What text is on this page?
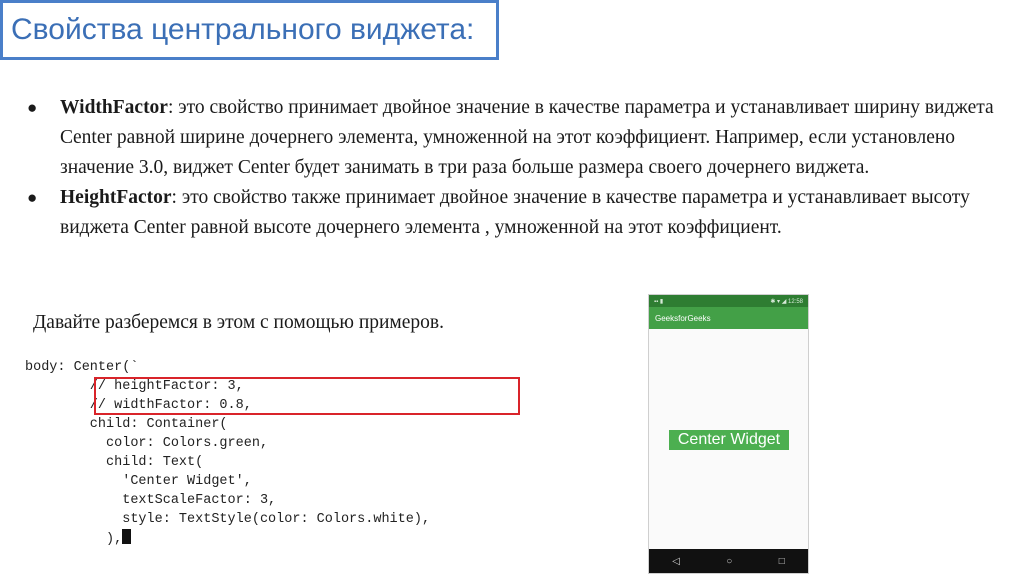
Свойства центрального виджета:
● WidthFactor: это свойство принимает двойное значение в качестве параметра и устанавливает ширину виджета Center равной ширине дочернего элемента, умноженной на этот коэффициент. Например, если установлено значение 3.0, виджет Center будет занимать в три раза больше размера своего дочернего виджета.
● HeightFactor: это свойство также принимает двойное значение в качестве параметра и устанавливает высоту виджета Center равной высоте дочернего элемента , умноженной на этот коэффициент.

Давайте разберемся в этом с помощью примеров.

body: Center(`
// heightFactor: 3,
// widthFactor: 0.8,
child: Container(
color: Colors.green,
child: Text(
'Center Widget',
textScaleFactor: 3,
style: TextStyle(color: Colors.white),
),
▪▪ ▮	✱ ▾ ◢ 12:58
GeeksforGeeks
Center Widget
◁	○	□
